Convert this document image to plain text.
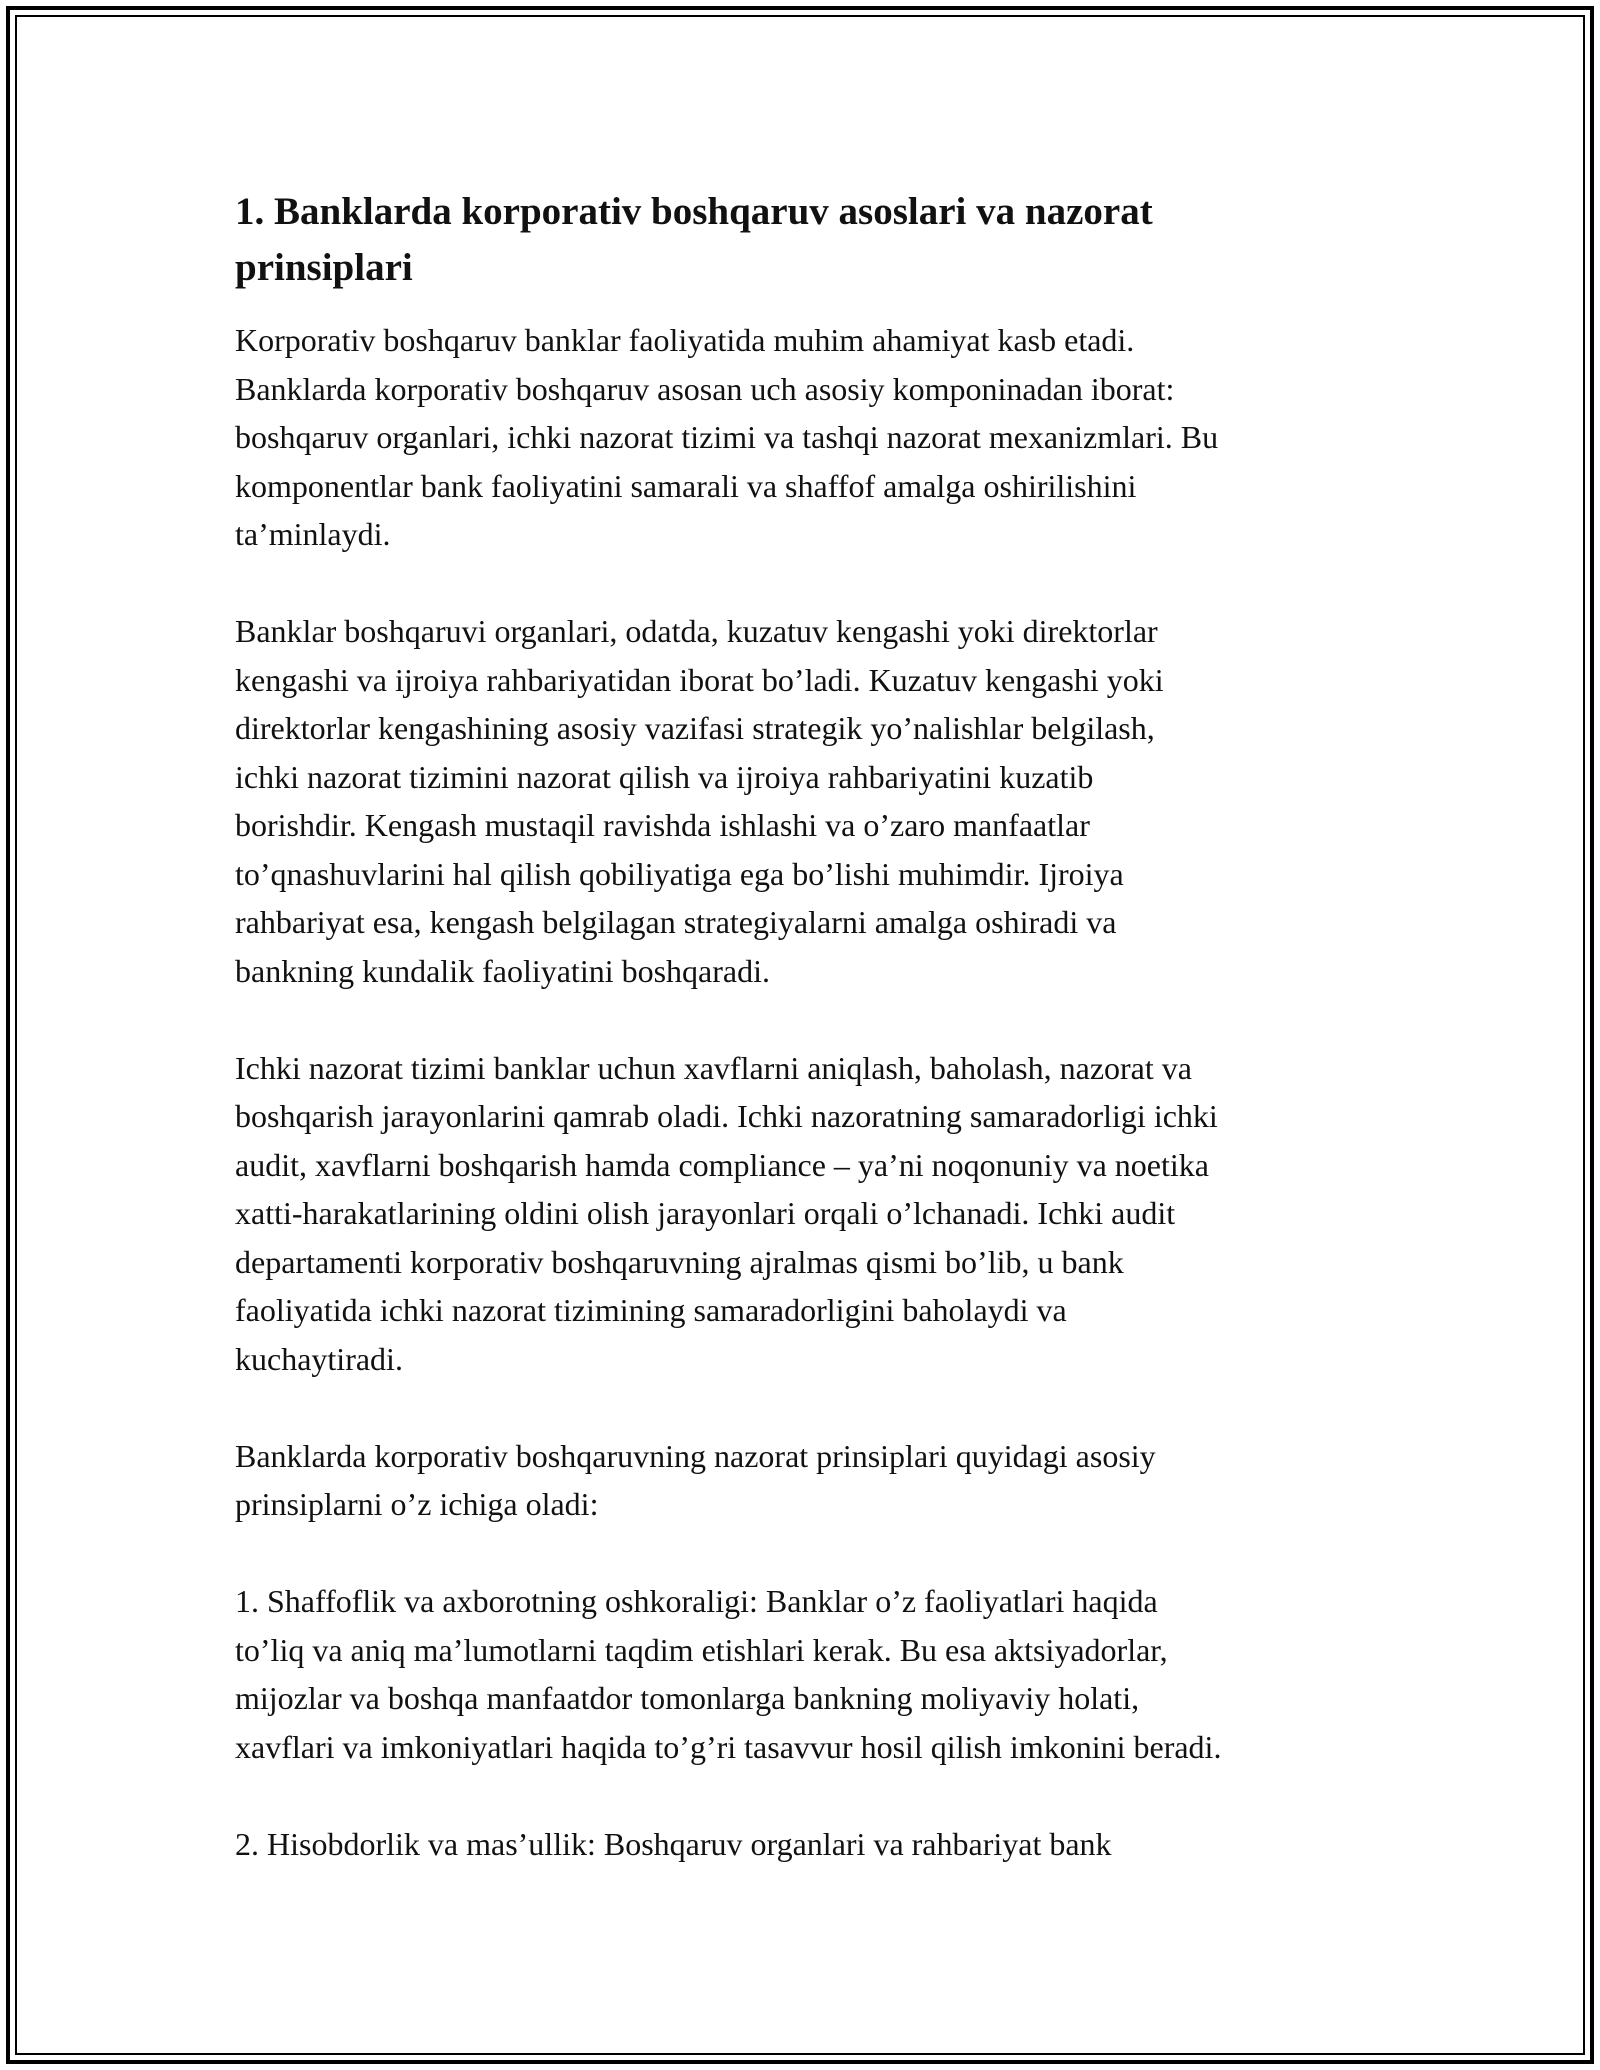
1. Banklarda korporativ boshqaruv asoslari va nazorat
prinsiplari

Korporativ boshqaruv banklar faoliyatida muhim ahamiyat kasb etadi.
Banklarda korporativ boshqaruv asosan uch asosiy komponinadan iborat:
boshqaruv organlari, ichki nazorat tizimi va tashqi nazorat mexanizmlari. Bu
komponentlar bank faoliyatini samarali va shaffof amalga oshirilishini
ta’minlaydi.

Banklar boshqaruvi organlari, odatda, kuzatuv kengashi yoki direktorlar
kengashi va ijroiya rahbariyatidan iborat bo’ladi. Kuzatuv kengashi yoki
direktorlar kengashining asosiy vazifasi strategik yo’nalishlar belgilash,
ichki nazorat tizimini nazorat qilish va ijroiya rahbariyatini kuzatib
borishdir. Kengash mustaqil ravishda ishlashi va o’zaro manfaatlar
to’qnashuvlarini hal qilish qobiliyatiga ega bo’lishi muhimdir. Ijroiya
rahbariyat esa, kengash belgilagan strategiyalarni amalga oshiradi va
bankning kundalik faoliyatini boshqaradi.

Ichki nazorat tizimi banklar uchun xavflarni aniqlash, baholash, nazorat va
boshqarish jarayonlarini qamrab oladi. Ichki nazoratning samaradorligi ichki
audit, xavflarni boshqarish hamda compliance – ya’ni noqonuniy va noetika
xatti-harakatlarining oldini olish jarayonlari orqali o’lchanadi. Ichki audit
departamenti korporativ boshqaruvning ajralmas qismi bo’lib, u bank
faoliyatida ichki nazorat tizimining samaradorligini baholaydi va
kuchaytiradi.

Banklarda korporativ boshqaruvning nazorat prinsiplari quyidagi asosiy
prinsiplarni o’z ichiga oladi:

1. Shaffoflik va axborotning oshkoraligi: Banklar o’z faoliyatlari haqida
to’liq va aniq ma’lumotlarni taqdim etishlari kerak. Bu esa aktsiyadorlar,
mijozlar va boshqa manfaatdor tomonlarga bankning moliyaviy holati,
xavflari va imkoniyatlari haqida to’g’ri tasavvur hosil qilish imkonini beradi.

2. Hisobdorlik va mas’ullik: Boshqaruv organlari va rahbariyat bank
